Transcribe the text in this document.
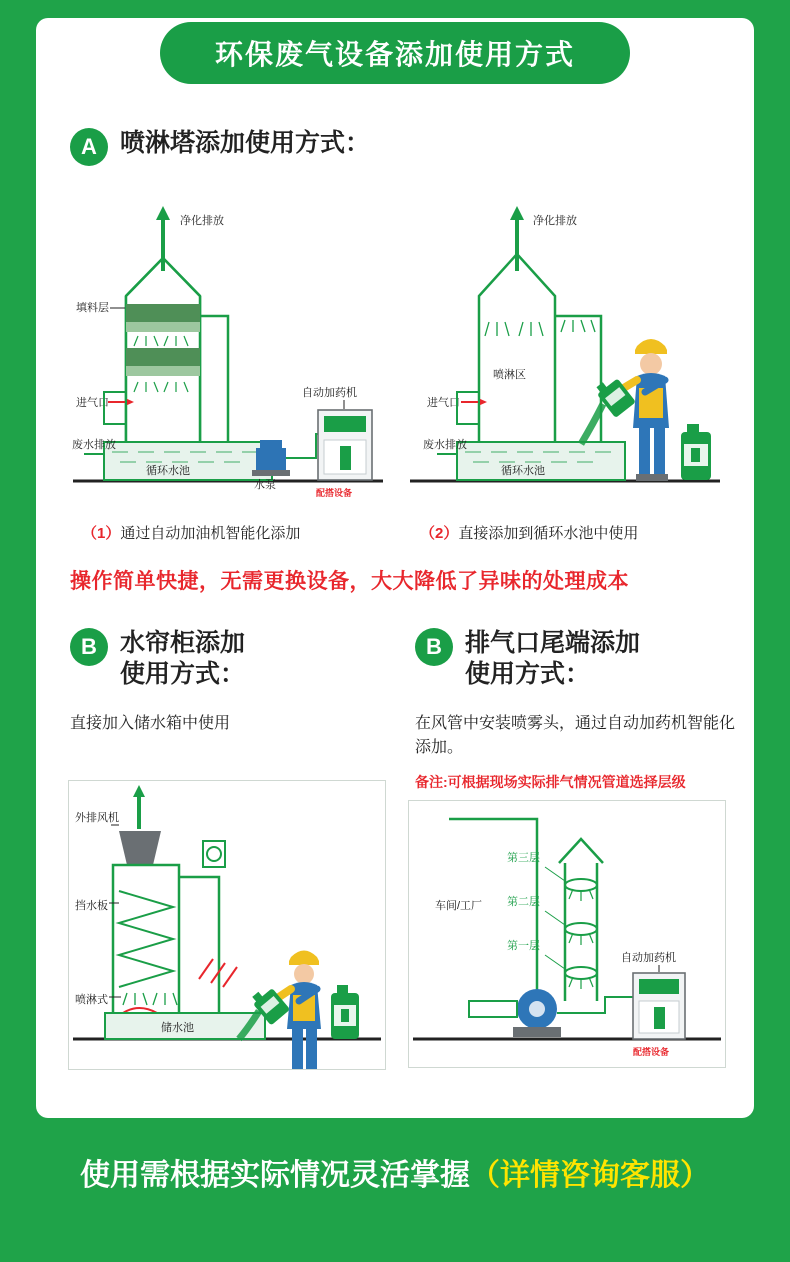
环保废气设备添加使用方式
A 喷淋塔添加使用方式：
净化排放
填料层
循环水池
进气口
废水排放
水泵
自动加药机
配搭设备
净化排放
喷淋区
循环水池
进气口
废水排放
（1）通过自动加油机智能化添加	（2）直接添加到循环水池中使用
操作简单快捷，无需更换设备，大大降低了异味的处理成本
B 水帘柜添加
使用方式：
B 排气口尾端添加
使用方式：
直接加入储水箱中使用	在风管中安装喷雾头，通过自动加药机智能化添加。
备注:可根据现场实际排气情况管道选择层级
外排风机
挡水板
喷淋式
储水池
车间/工厂
第三层
第二层
第一层
自动加药机
配搭设备
使用需根据实际情况灵活掌握（详情咨询客服）
